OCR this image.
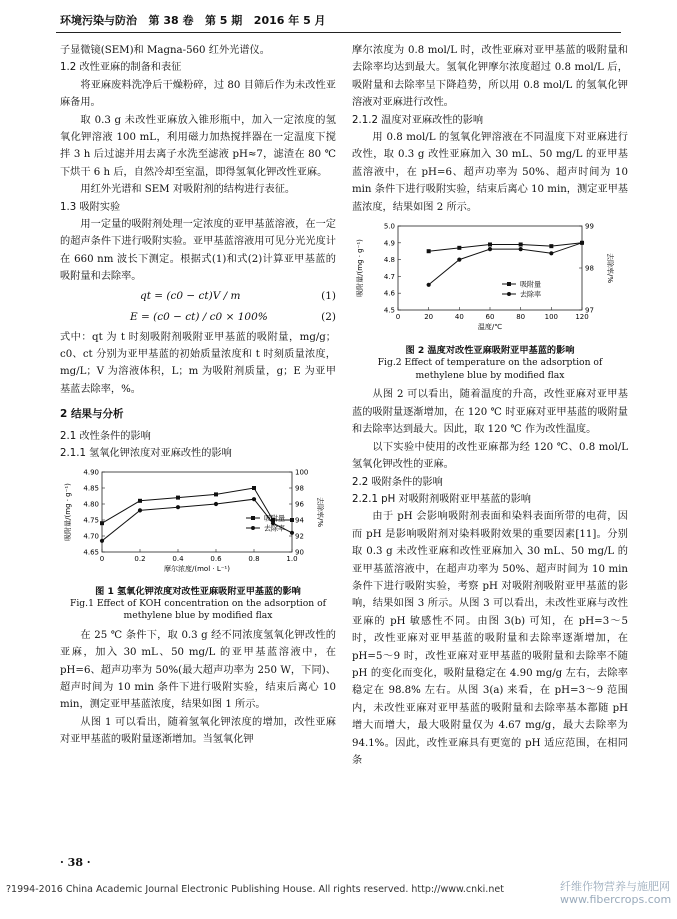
环境污染与防治 第 38 卷 第 5 期 2016 年 5 月

子显微镜(SEM)和 Magna-560 红外光谱仪。

1.2 改性亚麻的制备和表征

将亚麻废料洗净后干燥粉碎，过 80 目筛后作为未改性亚麻备用。

取 0.3 g 未改性亚麻放入锥形瓶中，加入一定浓度的氢氧化钾溶液 100 mL，利用磁力加热搅拌器在一定温度下搅拌 3 h 后过滤并用去离子水洗至滤液 pH≈7，滤渣在 80 ℃ 下烘干 6 h 后，自然冷却至室温，即得氢氧化钾改性亚麻。

用红外光谱和 SEM 对吸附剂的结构进行表征。

1.3 吸附实验

用一定量的吸附剂处理一定浓度的亚甲基蓝溶液，在一定的超声条件下进行吸附实验。亚甲基蓝溶液用可见分光光度计在 660 nm 波长下测定。根据式(1)和式(2)计算亚甲基蓝的吸附量和去除率。

qt = (c0 − ct)V / m	(1)
E = (c0 − ct) / c0 × 100%	(2)

式中：qt 为 t 时刻吸附剂吸附亚甲基蓝的吸附量，mg/g；c0、ct 分别为亚甲基蓝的初始质量浓度和 t 时刻质量浓度，mg/L；V 为溶液体积，L；m 为吸附剂质量，g；E 为亚甲基蓝去除率，%。

2 结果与分析

2.1 改性条件的影响

2.1.1 氢氧化钾浓度对亚麻改性的影响

0	0.2	0.4	0.6	0.8	1.0
4.65
4.70
4.75
4.80
4.85
4.90
90
92
94
96
98
100
摩尔浓度/(mol · L⁻¹)
吸附量/(mg · g⁻¹)	去除率/%
吸附量
去除率
图 1 氢氧化钾浓度对改性亚麻吸附亚甲基蓝的影响
Fig.1 Effect of KOH concentration on the adsorption of
methylene blue by modified flax

在 25 ℃ 条件下，取 0.3 g 经不同浓度氢氧化钾改性的亚麻，加入 30 mL、50 mg/L 的亚甲基蓝溶液中，在 pH=6、超声功率为 50%(最大超声功率为 250 W，下同)、超声时间为 10 min 条件下进行吸附实验，结束后离心 10 min，测定亚甲基蓝浓度，结果如图 1 所示。

从图 1 可以看出，随着氢氧化钾浓度的增加，改性亚麻对亚甲基蓝的吸附量逐渐增加。当氢氧化钾

摩尔浓度为 0.8 mol/L 时，改性亚麻对亚甲基蓝的吸附量和去除率均达到最大。氢氧化钾摩尔浓度超过 0.8 mol/L 后，吸附量和去除率呈下降趋势，所以用 0.8 mol/L 的氢氧化钾溶液对亚麻进行改性。

2.1.2 温度对亚麻改性的影响

用 0.8 mol/L 的氢氧化钾溶液在不同温度下对亚麻进行改性，取 0.3 g 改性亚麻加入 30 mL、50 mg/L 的亚甲基蓝溶液中，在 pH=6、超声功率为 50%、超声时间为 10 min 条件下进行吸附实验，结束后离心 10 min，测定亚甲基蓝浓度，结果如图 2 所示。

0	20	40	60	80	100 120
4.5
4.6
4.7
4.8
4.9
5.0
97
98
99
温度/℃
吸附量/(mg · g⁻¹)	去除率/%
吸附量
去除率
图 2 温度对改性亚麻吸附亚甲基蓝的影响
Fig.2 Effect of temperature on the adsorption of
methylene blue by modified flax

从图 2 可以看出，随着温度的升高，改性亚麻对亚甲基蓝的吸附量逐渐增加，在 120 ℃ 时亚麻对亚甲基蓝的吸附量和去除率达到最大。因此，取 120 ℃ 作为改性温度。

以下实验中使用的改性亚麻都为经 120 ℃、0.8 mol/L 氢氧化钾改性的亚麻。

2.2 吸附条件的影响

2.2.1 pH 对吸附剂吸附亚甲基蓝的影响

由于 pH 会影响吸附剂表面和染料表面所带的电荷，因而 pH 是影响吸附剂对染料吸附效果的重要因素[11]。分别取 0.3 g 未改性亚麻和改性亚麻加入 30 mL、50 mg/L 的亚甲基蓝溶液中，在超声功率为 50%、超声时间为 10 min 条件下进行吸附实验，考察 pH 对吸附剂吸附亚甲基蓝的影响，结果如图 3 所示。从图 3 可以看出，未改性亚麻与改性亚麻的 pH 敏感性不同。由图 3(b) 可知，在 pH=3～5 时，改性亚麻对亚甲基蓝的吸附量和去除率逐渐增加，在 pH=5～9 时，改性亚麻对亚甲基蓝的吸附量和去除率不随 pH 的变化而变化，吸附量稳定在 4.90 mg/g 左右，去除率稳定在 98.8% 左右。从图 3(a) 来看，在 pH=3～9 范围内，未改性亚麻对亚甲基蓝的吸附量和去除率基本都随 pH 增大而增大，最大吸附量仅为 4.67 mg/g，最大去除率为 94.1%。因此，改性亚麻具有更宽的 pH 适应范围，在相同条

· 38 ·
?1994-2016 China Academic Journal Electronic Publishing House. All rights reserved. http://www.cnki.net	纤维作物营养与施肥网
www.fibercrops.com
